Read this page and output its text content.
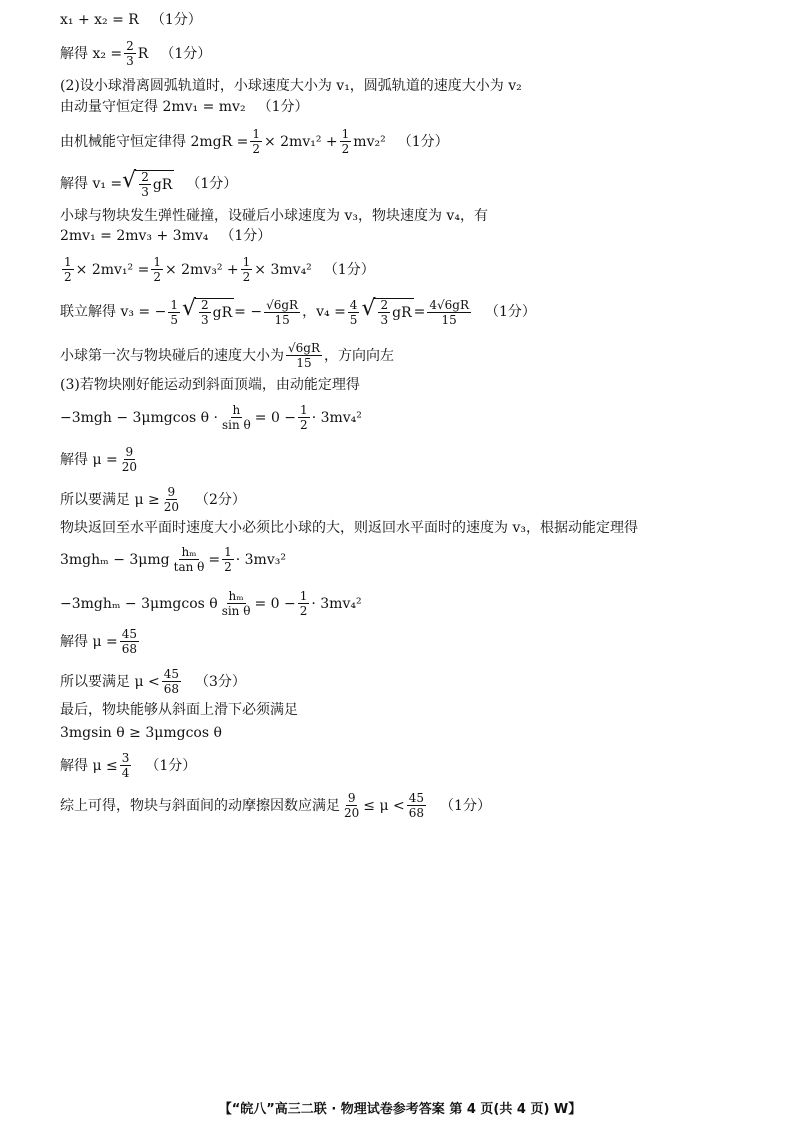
x₁ + x₂ = R （1分）
解得 $x_2 = \frac{2}{3}$ R （1分）
(2)设小球滑离圆弧轨道时，小球速度大小为 v₁，圆弧轨道的速度大小为 v₂
由动量守恒定得 2mv₁ = mv₂ （1分）
由机械能守恒定律得 $2mgR = \frac{1}{2} \times 2mv_1^2 + \frac{1}{2} mv_2^2$ （1分）
解得 v₁ = √ $\frac{2}{3}$ gR （1分）
小球与物块发生弹性碰撞，设碰后小球速度为 v₃，物块速度为 v₄，有
2mv₁ = 2mv₃ + 3mv₄ （1分）
$\frac{1}{2} \times 2mv_1^2 = \frac{1}{2} \times 2mv_3^2 + \frac{1}{2} \times 3mv_4^2$ （1分）
联立解得 v₃ = − $\frac{1}{5}$ √ $\frac{2}{3}$ gR = − $\frac{√6gR}{15}$ ，$v_4 = \frac{4}{5}$ √ $\frac{2}{3}$ gR = $\frac{4√6gR}{15} (1$分）
小球第一次与物块碰后的速度大小为 $\frac{√6gR}{15}$ ，方向向左
(3)若物块刚好能运动到斜面顶端，由动能定理得
−3mgh − 3μmgcos $\theta \cdot \frac{h}{\text{sin θ}} = 0 - \frac{1}{2} \cdot 3mv_4^2$
解得 $\mu = \frac{9}{20}$
所以要满足 $\mu \ge \frac{9}{20} (2$分）
物块返回至水平面时速度大小必须比小球的大，则返回水平面时的速度为 v₃，根据动能定理得
$3mgh_m - 3\mu mg \frac{\text{hₘ}}{\text{tan θ}} = \frac{1}{2} \cdot 3mv_3^2$
−3mghₘ − 3μmgcos θ $\frac{\text{hₘ}}{\text{sin θ}} = 0 - \frac{1}{2} \cdot 3mv_4^2$
解得 $\mu = \frac{45}{68}$
所以要满足 $\mu < \frac{45}{68} (3$分）
最后，物块能够从斜面上滑下必须满足
3mgsin θ ≥ 3μmgcos θ
解得 $\mu \le \frac{3}{4} (1$分）
综上可得，物块与斜面间的动摩擦因数应满足 $\frac{9}{20} \le \mu < \frac{45}{68} (1$分）
【“皖八”高三二联 · 物理试卷参考答案 第 4 页(共 4 页) W】
